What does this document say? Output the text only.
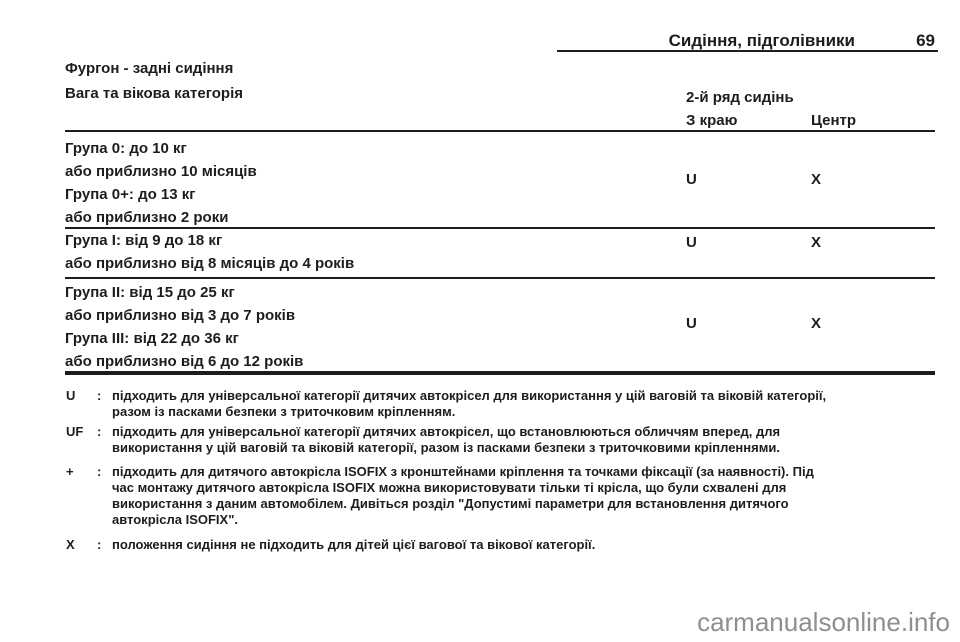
Сидіння, підголівники	69
Фургон - задні сидіння
Вага та вікова категорія	2-й ряд сидінь
З краю	Центр
Група 0: до 10 кг
або приблизно 10 місяців
Група 0+: до 13 кг
або приблизно 2 роки
U	X
Група I: від 9 до 18 кг
або приблизно від 8 місяців до 4 років
U	X
Група II: від 15 до 25 кг
або приблизно від 3 до 7 років
Група III: від 22 до 36 кг
або приблизно від 6 до 12 років
U	X
U : підходить для універсальної категорії дитячих автокрісел для використання у цій ваговій та віковій категорії,
разом із пасками безпеки з триточковим кріпленням.
UF : підходить для універсальної категорії дитячих автокрісел, що встановлюються обличчям вперед, для
використання у цій ваговій та віковій категорії, разом із пасками безпеки з триточковими кріпленнями.
+ : підходить для дитячого автокрісла ISOFIX з кронштейнами кріплення та точками фіксації (за наявності). Під
час монтажу дитячого автокрісла ISOFIX можна використовувати тільки ті крісла, що були схвалені для
використання з даним автомобілем. Дивіться розділ "Допустимі параметри для встановлення дитячого
автокрісла ISOFIX".
X : положення сидіння не підходить для дітей цієї вагової та вікової категорії.
carmanualsonline.info
